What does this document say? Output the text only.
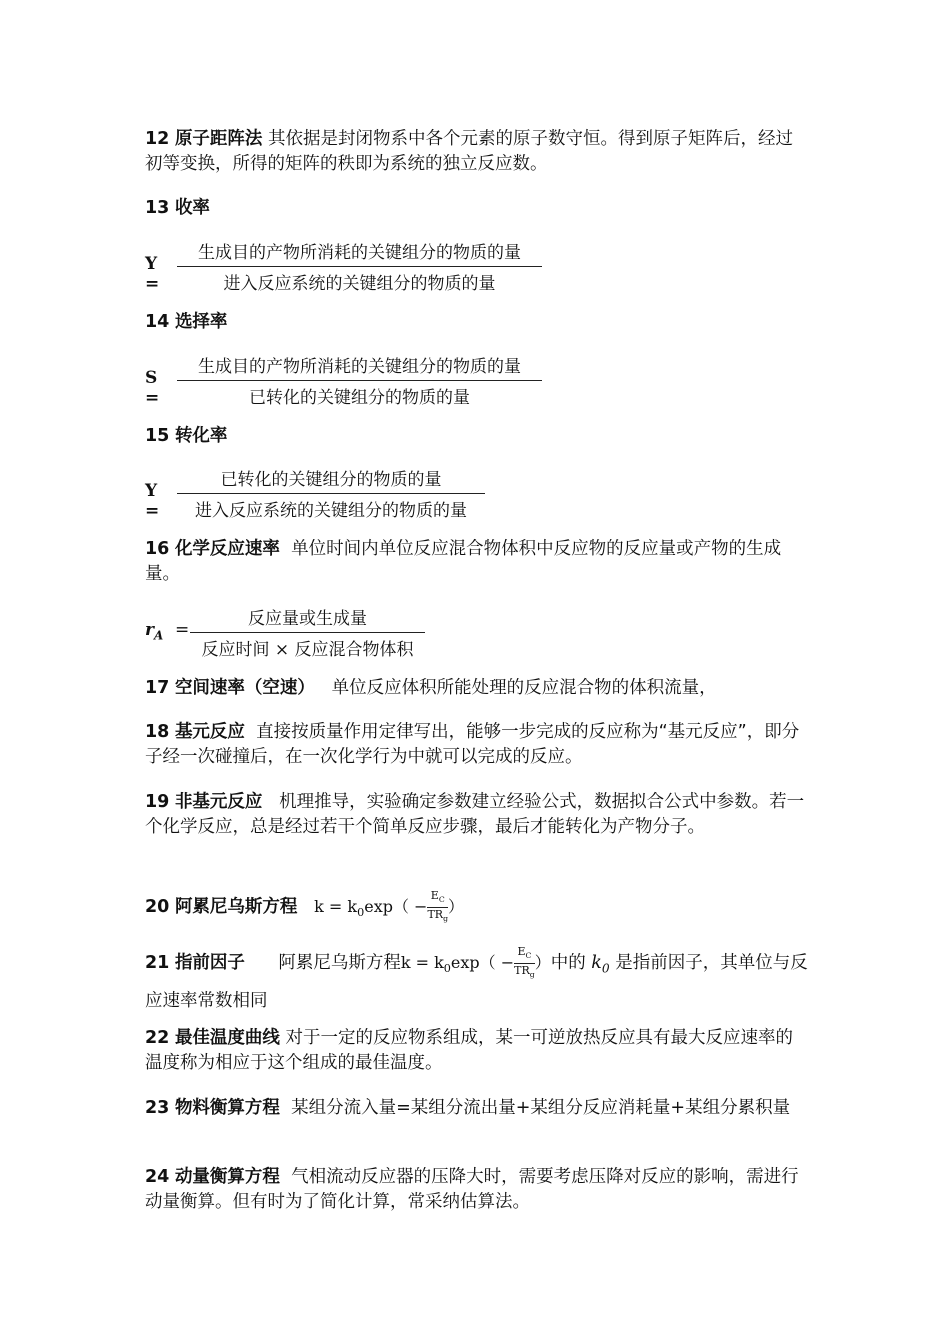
12 原子距阵法 其依据是封闭物系中各个元素的原子数守恒。得到原子矩阵后，经过初等变换，所得的矩阵的秩即为系统的独立反应数。
13 收率
Y =
生成目的产物所消耗的关键组分的物质的量
进入反应系统的关键组分的物质的量
14 选择率
S =
生成目的产物所消耗的关键组分的物质的量
已转化的关键组分的物质的量
15 转化率
Y =
已转化的关键组分的物质的量
进入反应系统的关键组分的物质的量
16 化学反应速率 单位时间内单位反应混合物体积中反应物的反应量或产物的生成量。
$r_A$ =
反应量或生成量
反应时间 × 反应混合物体积
17 空间速率（空速） 单位反应体积所能处理的反应混合物的体积流量，
18 基元反应 直接按质量作用定律写出，能够一步完成的反应称为“基元反应”，即分子经一次碰撞后，在一次化学行为中就可以完成的反应。
19 非基元反应 机理推导，实验确定参数建立经验公式，数据拟合公式中参数。若一个化学反应，总是经过若干个简单反应步骤，最后才能转化为产物分子。
20 阿累尼乌斯方程 $k = k_0\exp( -E_C$
$TR_g$）
21 指前因子 阿累尼乌斯方程$k = k_0\exp( -E_C$
$TR_g$）中的 $k_0$ 是指前因子，其单位与反应速率常数相同
22 最佳温度曲线 对于一定的反应物系组成，某一可逆放热反应具有最大反应速率的温度称为相应于这个组成的最佳温度。
23 物料衡算方程 某组分流入量=某组分流出量+某组分反应消耗量+某组分累积量
24 动量衡算方程 气相流动反应器的压降大时，需要考虑压降对反应的影响，需进行动量衡算。但有时为了简化计算，常采纳估算法。
